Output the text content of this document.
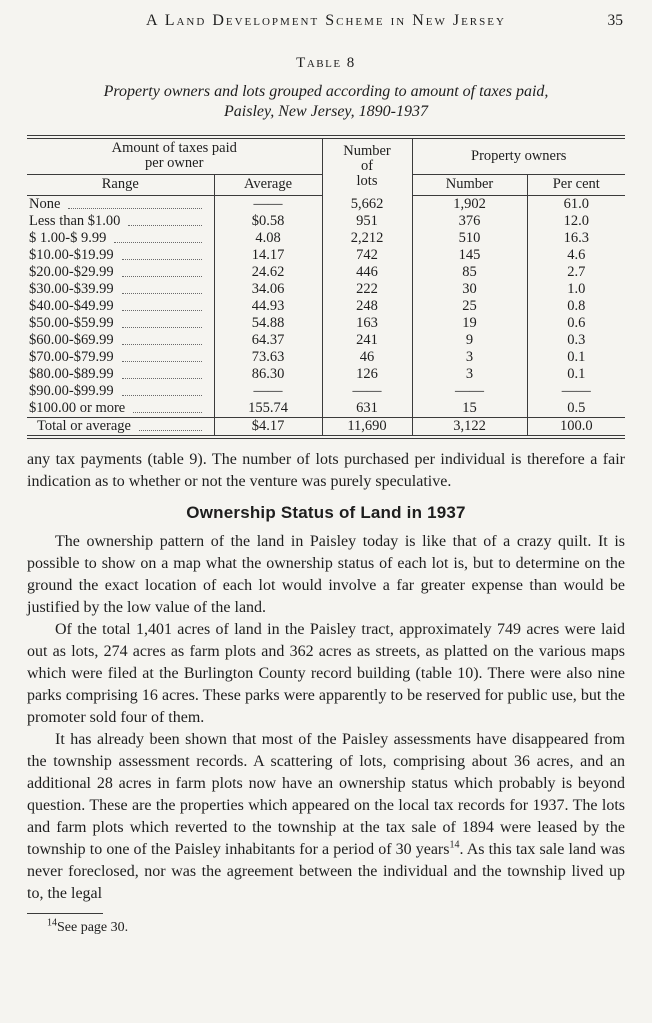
A Land Development Scheme in New Jersey	35
Table 8
Property owners and lots grouped according to amount of taxes paid,
Paisley, New Jersey, 1890-1937
Amount of taxes paid
per owner		Number
of
lots	Property owners	
Range	Average		Number	Per cent

None	——	5,662	1,902	61.0

Less than $1.00	$0.58	951	376	12.0

$ 1.00-$ 9.99	4.08	2,212	510	16.3

$10.00-$19.99	14.17	742	145	4.6

$20.00-$29.99	24.62	446	85	2.7

$30.00-$39.99	34.06	222	30	1.0

$40.00-$49.99	44.93	248	25	0.8

$50.00-$59.99	54.88	163	19	0.6

$60.00-$69.99	64.37	241	9	0.3

$70.00-$79.99	73.63	46	3	0.1

$80.00-$89.99	86.30	126	3	0.1

$90.00-$99.99	——	——	——	——

$100.00 or more	155.74	631	15	0.5

Total or average	$4.17	11,690	3,122	100.0

any tax payments (table 9). The number of lots purchased per individual is therefore a fair indication as to whether or not the venture was purely speculative.

Ownership Status of Land in 1937

The ownership pattern of the land in Paisley today is like that of a crazy quilt. It is possible to show on a map what the ownership status of each lot is, but to determine on the ground the exact location of each lot would involve a far greater expense than would be justified by the low value of the land.

Of the total 1,401 acres of land in the Paisley tract, approximately 749 acres were laid out as lots, 274 acres as farm plots and 362 acres as streets, as platted on the various maps which were filed at the Burlington County record building (table 10). There were also nine parks comprising 16 acres. These parks were apparently to be reserved for public use, but the promoter sold four of them.

It has already been shown that most of the Paisley assessments have disappeared from the township assessment records. A scattering of lots, comprising about 36 acres, and an additional 28 acres in farm plots now have an ownership status which probably is beyond question. These are the properties which appeared on the local tax records for 1937. The lots and farm plots which reverted to the township at the tax sale of 1894 were leased by the township to one of the Paisley inhabitants for a period of 30 years$^{14}$. As this tax sale land was never foreclosed, nor was the agreement between the individual and the township lived up to, the legal

$^{14}$See page 30.
